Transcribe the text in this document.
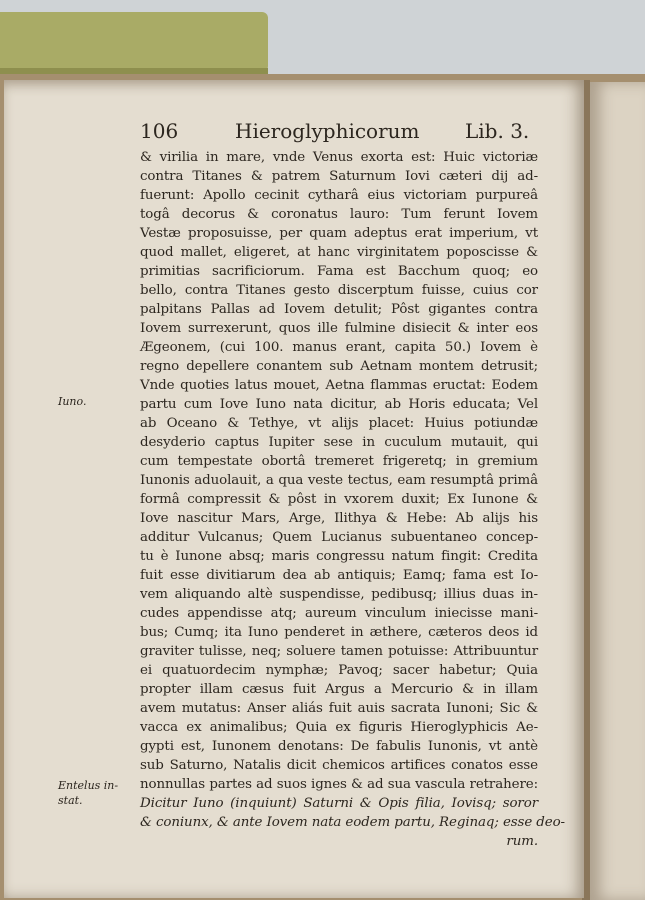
106	Hieroglyphicorum Lib. 3.
Iuno.
Entelus in-
stat.
& virilia in mare, vnde Venus exorta est: Huic victoriæ
contra Titanes & patrem Saturnum Iovi cæteri dij ad-
fuerunt: Apollo cecinit cytharâ eius victoriam purpureâ
togâ decorus & coronatus lauro: Tum ferunt Iovem
Vestæ proposuisse, per quam adeptus erat imperium, vt
quod mallet, eligeret, at hanc virginitatem poposcisse &
primitias sacrificiorum. Fama est Bacchum quoq; eo
bello, contra Titanes gesto discerptum fuisse, cuius cor
palpitans Pallas ad Iovem detulit; Pôst gigantes contra
Iovem surrexerunt, quos ille fulmine disiecit & inter eos
Ægeonem, (cui 100. manus erant, capita 50.) Iovem è
regno depellere conantem sub Aetnam montem detrusit;
Vnde quoties latus mouet, Aetna flammas eructat: Eodem
partu cum Iove Iuno nata dicitur, ab Horis educata; Vel
ab Oceano & Tethye, vt alijs placet: Huius potiundæ
desyderio captus Iupiter sese in cuculum mutauit, qui
cum tempestate obortâ tremeret frigeretq; in gremium
Iunonis aduolauit, a qua veste tectus, eam resumptâ primâ
formâ compressit & pôst in vxorem duxit; Ex Iunone &
Iove nascitur Mars, Arge, Ilithya & Hebe: Ab alijs his
additur Vulcanus; Quem Lucianus subuentaneo concep-
tu è Iunone absq; maris congressu natum fingit: Credita
fuit esse divitiarum dea ab antiquis; Eamq; fama est Io-
vem aliquando altè suspendisse, pedibusq; illius duas in-
cudes appendisse atq; aureum vinculum iniecisse mani-
bus; Cumq; ita Iuno penderet in æthere, cæteros deos id
graviter tulisse, neq; soluere tamen potuisse: Attribuuntur
ei quatuordecim nymphæ; Pavoq; sacer habetur; Quia
propter illam cæsus fuit Argus a Mercurio & in illam
avem mutatus: Anser aliás fuit auis sacrata Iunoni; Sic &
vacca ex animalibus; Quia ex figuris Hieroglyphicis Ae-
gypti est, Iunonem denotans: De fabulis Iunonis, vt antè
sub Saturno, Natalis dicit chemicos artifices conatos esse
nonnullas partes ad suos ignes & ad sua vascula retrahere:
Dicitur Iuno (inquiunt) Saturni & Opis filia, Iovisq; soror
& coniunx, & ante Iovem nata eodem partu, Reginaq; esse deo-
rum.
